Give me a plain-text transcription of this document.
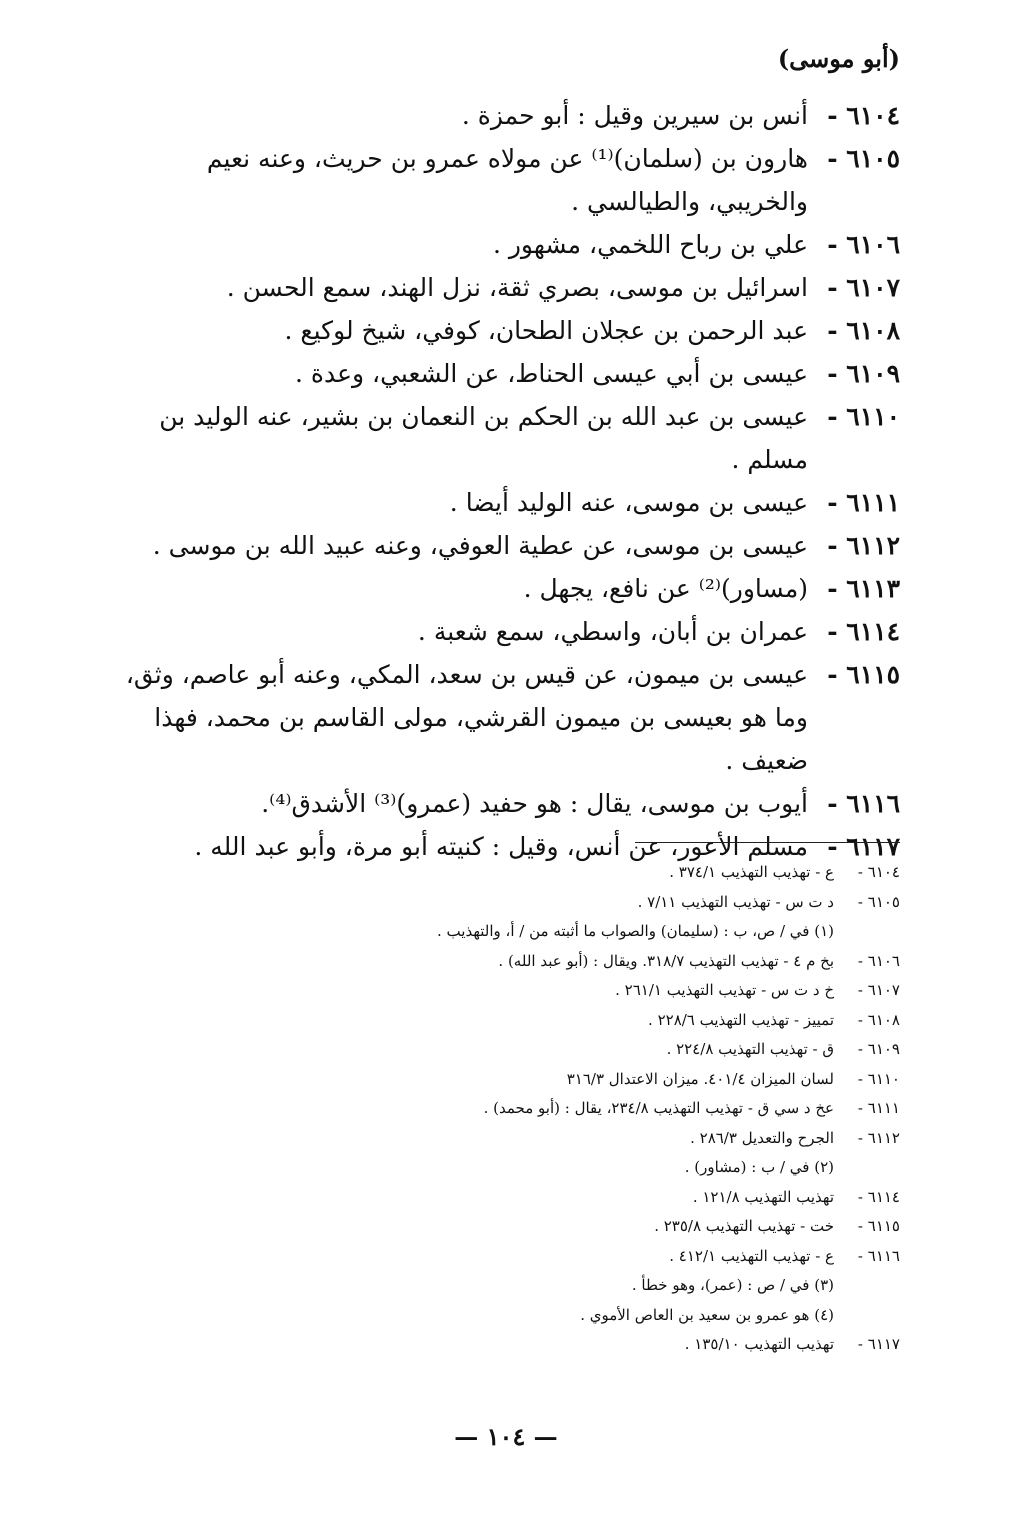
(أبو موسى)
٦١٠٤ -
أنس بن سيرين وقيل : أبو حمزة .
٦١٠٥ -
هارون بن (سلمان)⁽¹⁾ عن مولاه عمرو بن حريث، وعنه نعيم والخريبي، والطيالسي .
٦١٠٦ -
علي بن رباح اللخمي، مشهور .
٦١٠٧ -
اسرائيل بن موسى، بصري ثقة، نزل الهند، سمع الحسن .
٦١٠٨ -
عبد الرحمن بن عجلان الطحان، كوفي، شيخ لوكيع .
٦١٠٩ -
عيسى بن أبي عيسى الحناط، عن الشعبي، وعدة .
٦١١٠ -
عيسى بن عبد الله بن الحكم بن النعمان بن بشير، عنه الوليد بن مسلم .
٦١١١ -
عيسى بن موسى، عنه الوليد أيضا .
٦١١٢ -
عيسى بن موسى، عن عطية العوفي، وعنه عبيد الله بن موسى .
٦١١٣ -
(مساور)⁽²⁾ عن نافع، يجهل .
٦١١٤ -
عمران بن أبان، واسطي، سمع شعبة .
٦١١٥ -
عيسى بن ميمون، عن قيس بن سعد، المكي، وعنه أبو عاصم، وثق، وما هو بعيسى بن ميمون القرشي، مولى القاسم بن محمد، فهذا ضعيف .
٦١١٦ -
أيوب بن موسى، يقال : هو حفيد (عمرو)⁽³⁾ الأشدق⁽⁴⁾.
٦١١٧ -
مسلم الأعور، عن أنس، وقيل : كنيته أبو مرة، وأبو عبد الله .
٦١٠٤ -
ع - تهذيب التهذيب ٣٧٤/١ .
٦١٠٥ -
د ت س - تهذيب التهذيب ٧/١١ .
(١) في / ص، ب : (سليمان) والصواب ما أثبته من / أ، والتهذيب .
٦١٠٦ -
بخ م ٤ - تهذيب التهذيب ٣١٨/٧. ويقال : (أبو عبد الله) .
٦١٠٧ -
خ د ت س - تهذيب التهذيب ٢٦١/١ .
٦١٠٨ -
تمييز - تهذيب التهذيب ٢٢٨/٦ .
٦١٠٩ -
ق - تهذيب التهذيب ٢٢٤/٨ .
٦١١٠ -
لسان الميزان ٤٠١/٤. ميزان الاعتدال ٣١٦/٣
٦١١١ -
عخ د سي ق - تهذيب التهذيب ٢٣٤/٨، يقال : (أبو محمد) .
٦١١٢ -
الجرح والتعديل ٢٨٦/٣ .
(٢) في / ب : (مشاور) .
٦١١٤ -
تهذيب التهذيب ١٢١/٨ .
٦١١٥ -
خت - تهذيب التهذيب ٢٣٥/٨ .
٦١١٦ -
ع - تهذيب التهذيب ٤١٢/١ .
(٣) في / ص : (عمر)، وهو خطأ .
(٤) هو عمرو بن سعيد بن العاص الأموي .
٦١١٧ -
تهذيب التهذيب ١٣٥/١٠ .
— ١٠٤ —
